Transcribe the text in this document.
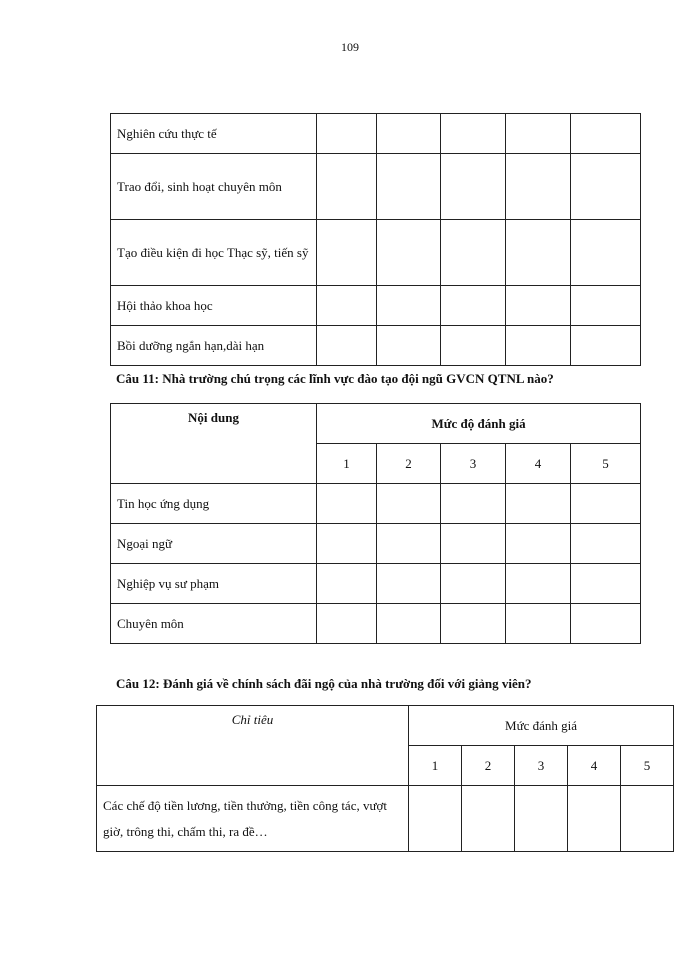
109
Nghiên cứu thực tế					
Trao đổi, sinh hoạt chuyên môn					
Tạo điều kiện đi học Thạc sỹ, tiến sỹ					
Hội thảo khoa học					
Bồi dưỡng ngắn hạn,dài hạn					
Câu 11: Nhà trường chú trọng các lĩnh vực đào tạo đội ngũ GVCN QTNL nào?
Nội dung	Mức độ đánh giá				
	1	2	3	4	5
Tin học ứng dụng					
Ngoại ngữ					
Nghiệp vụ sư phạm					
Chuyên môn					
Câu 12: Đánh giá về chính sách đãi ngộ của nhà trường đối với giảng viên?
Chỉ tiêu	Mức đánh giá				
	1	2	3	4	5
Các chế độ tiền lương, tiền thưởng, tiền công tác, vượt giờ, trông thi, chấm thi, ra đề…					
